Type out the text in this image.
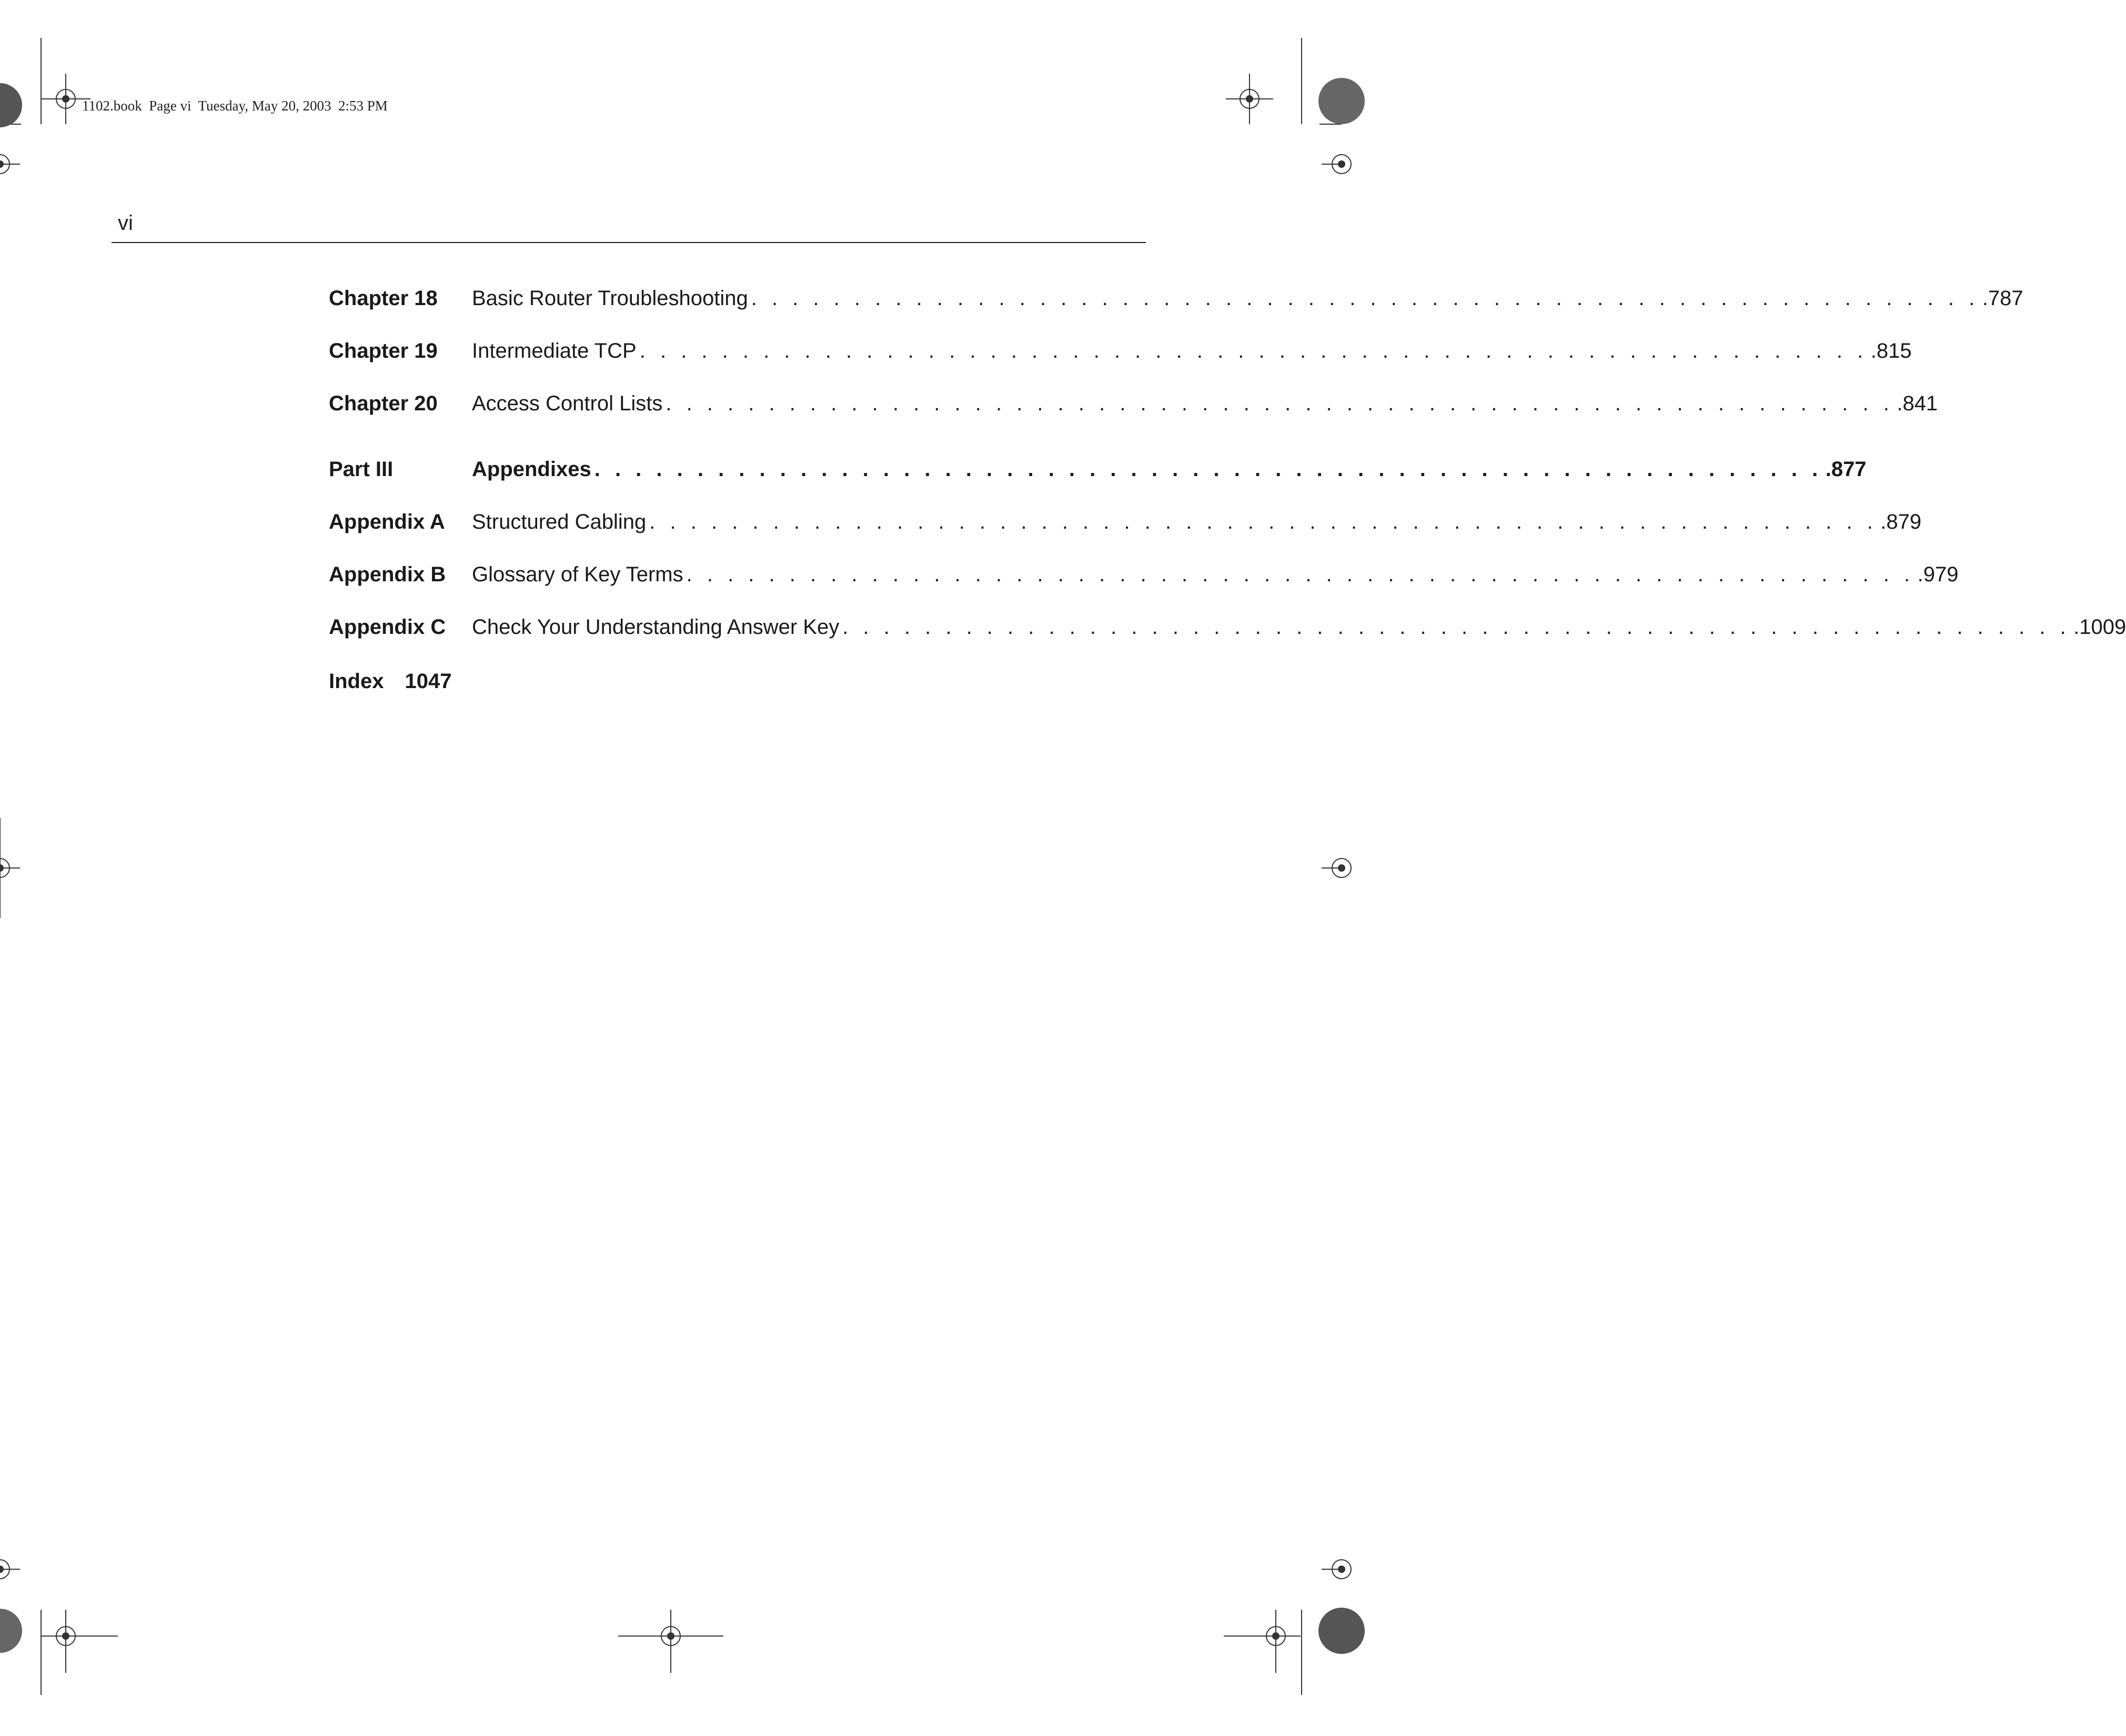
1102.book  Page vi  Tuesday, May 20, 2003  2:53 PM
vi
Chapter 18	Basic Router Troubleshooting . . . . . . . . . . . . . . . . . . . . . . . . . . . . . . . . . . . . . . . . . . . . . . . . . . . . . . . . . . . . .787
Chapter 19	Intermediate TCP . . . . . . . . . . . . . . . . . . . . . . . . . . . . . . . . . . . . . . . . . . . . . . . . . . . . . . . . . . . . .815
Chapter 20	Access Control Lists . . . . . . . . . . . . . . . . . . . . . . . . . . . . . . . . . . . . . . . . . . . . . . . . . . . . . . . . . . . . .841
Part III	Appendixes . . . . . . . . . . . . . . . . . . . . . . . . . . . . . . . . . . . . . . . . . . . . . . . . . . . . . . . . . . . . .877
Appendix A	Structured Cabling . . . . . . . . . . . . . . . . . . . . . . . . . . . . . . . . . . . . . . . . . . . . . . . . . . . . . . . . . . . . .879
Appendix B	Glossary of Key Terms . . . . . . . . . . . . . . . . . . . . . . . . . . . . . . . . . . . . . . . . . . . . . . . . . . . . . . . . . . . . .979
Appendix C	Check Your Understanding Answer Key . . . . . . . . . . . . . . . . . . . . . . . . . . . . . . . . . . . . . . . . . . . . . . . . . . . . . . . . . . . . .1009
Index 1047
